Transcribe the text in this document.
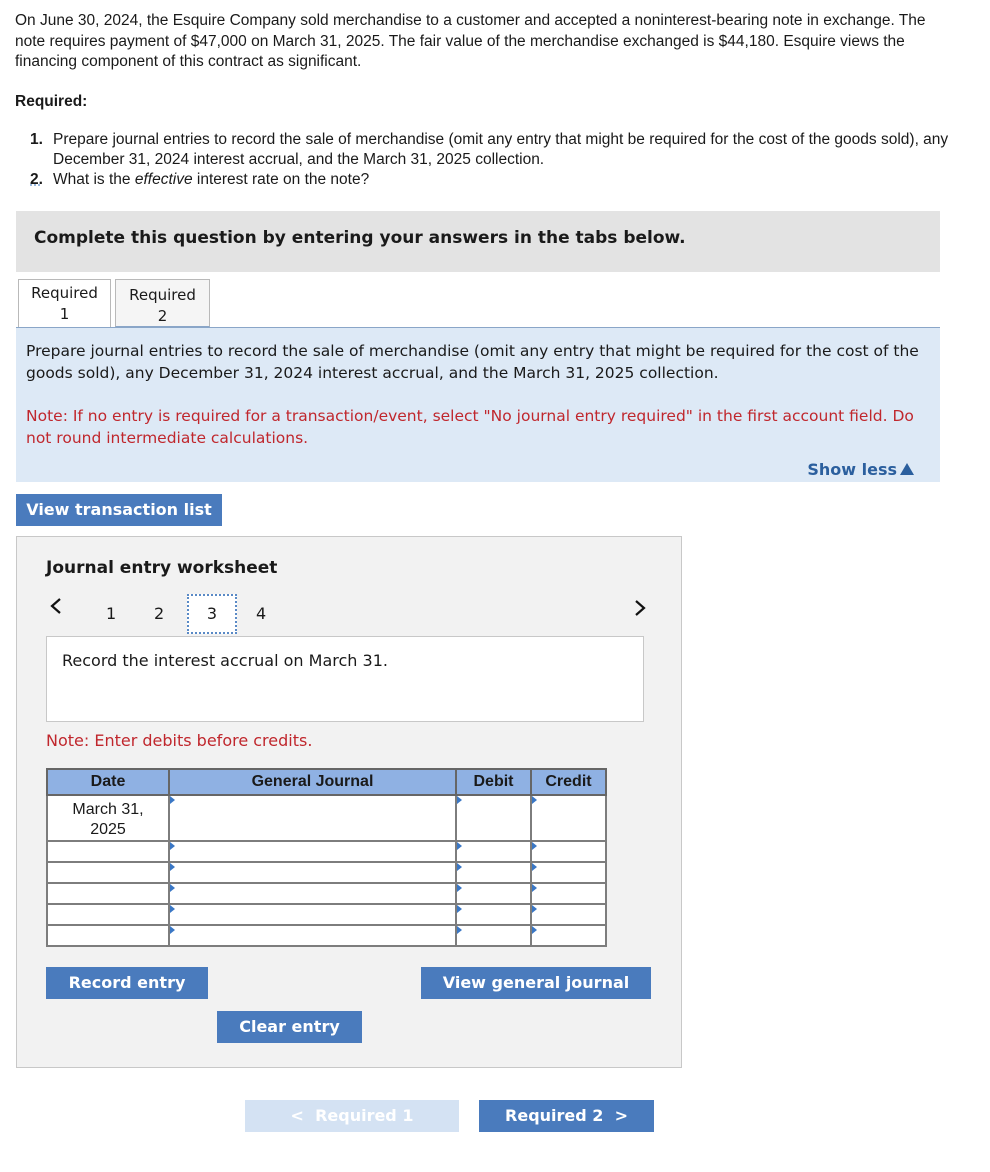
On June 30, 2024, the Esquire Company sold merchandise to a customer and accepted a noninterest-bearing note in exchange. The note requires payment of $47,000 on March 31, 2025. The fair value of the merchandise exchanged is $44,180. Esquire views the financing component of this contract as significant.
Required:
1. Prepare journal entries to record the sale of merchandise (omit any entry that might be required for the cost of the goods sold), any December 31, 2024 interest accrual, and the March 31, 2025 collection.
2. What is the effective interest rate on the note?
Complete this question by entering your answers in the tabs below.
Required
1
Required
2
Prepare journal entries to record the sale of merchandise (omit any entry that might be required for the cost of the goods sold), any December 31, 2024 interest accrual, and the March 31, 2025 collection.
Note: If no entry is required for a transaction/event, select "No journal entry required" in the first account field. Do not round intermediate calculations.
Show less
View transaction list
Journal entry worksheet
1 2	3	4
Record the interest accrual on March 31.
Note: Enter debits before credits.
Date	General Journal	Debit	Credit

March 31,
2025			

Record entry	View general journal
Clear entry
< Required 1	Required 2 >
